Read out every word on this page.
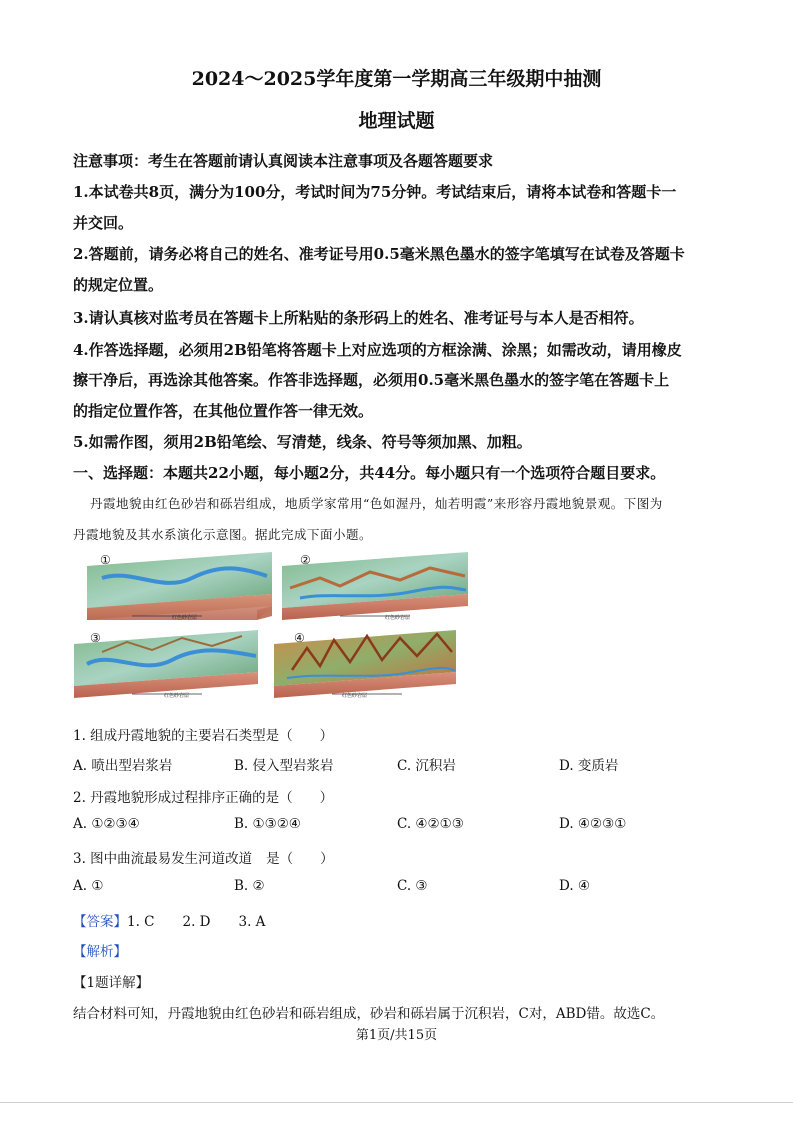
2024～2025学年度第一学期高三年级期中抽测
地理试题
注意事项：考生在答题前请认真阅读本注意事项及各题答题要求
1.本试卷共8页，满分为100分，考试时间为75分钟。考试结束后，请将本试卷和答题卡一
并交回。
2.答题前，请务必将自己的姓名、准考证号用0.5毫米黑色墨水的签字笔填写在试卷及答题卡
的规定位置。
3.请认真核对监考员在答题卡上所粘贴的条形码上的姓名、准考证号与本人是否相符。
4.作答选择题，必须用2B铅笔将答题卡上对应选项的方框涂满、涂黑；如需改动，请用橡皮
擦干净后，再选涂其他答案。作答非选择题，必须用0.5毫米黑色墨水的签字笔在答题卡上
的指定位置作答，在其他位置作答一律无效。
5.如需作图，须用2B铅笔绘、写清楚，线条、符号等须加黑、加粗。
一、选择题：本题共22小题，每小题2分，共44分。每小题只有一个选项符合题目要求。
丹霞地貌由红色砂岩和砾岩组成，地质学家常用“色如渥丹，灿若明霞”来形容丹霞地貌景观。下图为
丹霞地貌及其水系演化示意图。据此完成下面小题。
①
红色砂岩层
②
红色砂岩层
③
红色砂岩层
④
红色砂岩层
1. 组成丹霞地貌的主要岩石类型是（　　）
A. 喷出型岩浆岩	B. 侵入型岩浆岩	C. 沉积岩	D. 变质岩
2. 丹霞地貌形成过程排序正确的是（　　）
A. ①②③④	B. ①③②④	C. ④②①③	D. ④②③①
3. 图中曲流最易发生河道改道 是（　　）
A. ①	B. ②	C. ③	D. ④
【答案】1. C 2. D 3. A
【解析】
【1题详解】
结合材料可知，丹霞地貌由红色砂岩和砾岩组成，砂岩和砾岩属于沉积岩，C对，ABD错。故选C。
第1页/共15页
